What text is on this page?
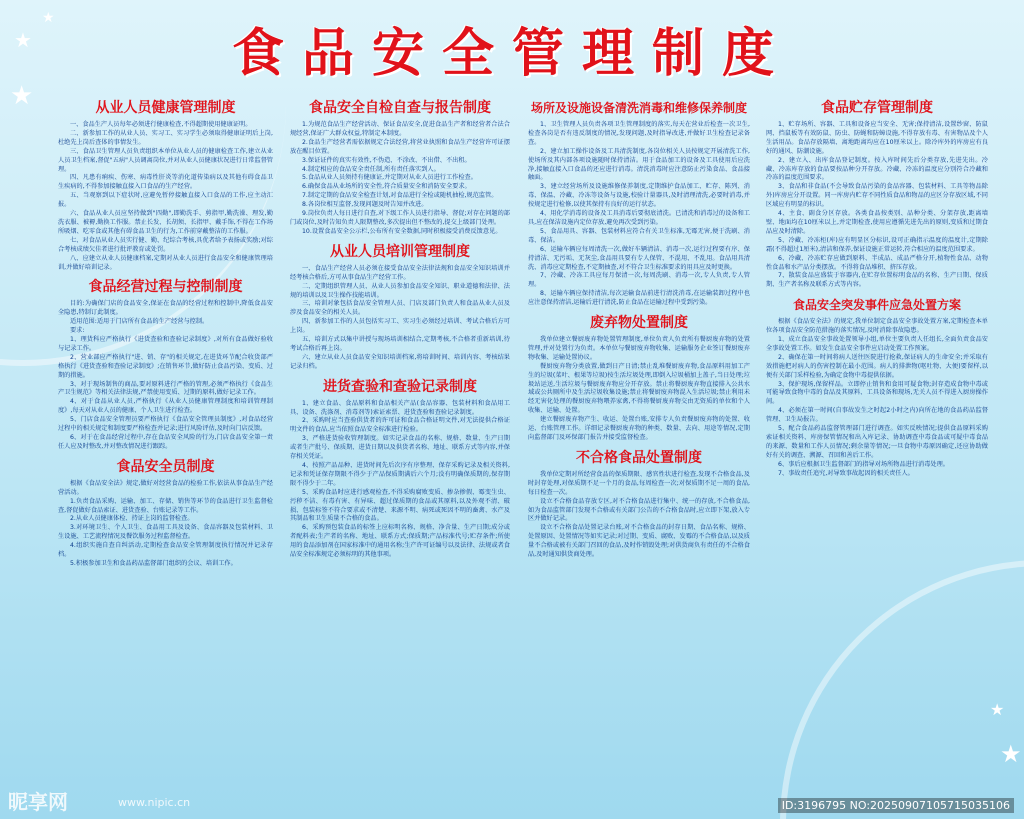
★
★
★
★
★
食品安全管理制度
从业人员健康管理制度
一、食品生产人员每年必须进行健康检查,不得超期使用健康证明。
二、新参加工作的从业人员、实习工、实习学生必须取得健康证明后上岗,杜绝先上岗后查体的事情发生。
三、食品卫生管理人员负责组织本单位从业人员的健康检查工作,建立从业人员卫生档案,督促"五病"人员调离岗位,并对从业人员健康状况进行日常监督管理。
四、凡患有痢疾、伤寒、病毒性肝炎等消化道传染病以及其他有碍食品卫生疾病的,不得参加接触直接入口食品的生产经营。
五、当观察到以下症状时,应避免暂停接触直接入口食品的工作,应主动汇报。
六、食品从业人员应坚持做到"四勤",即勤洗手、剪指甲,勤洗澡、理发,勤洗衣服、被褥,勤换工作服。禁止长发、长胡须、长指甲、戴手饰,不得在工作场所吸烟、吃零食或其他有碍食品卫生的行为,工作前穿戴整洁的工作服。
七、对食品从业人员实行健、勤、纪综合考核,具优者给予表扬或奖励;对综合考核成绩欠佳者进行批评教育或处罚。
八、应建立从业人员健康档案,定期对从业人员进行食品安全和健康管理培训,并做好培训记录。
食品经营过程与控制制度
目的:为确保门店的食品安全,保证在食品的经营过程和控制中,降低食品安全隐患,特制订此制度。
适用范围:适用于门店所有食品的生产经营与控制。
要求:
1、理货科应严格执行《进货查验和查验记录制度》,对所有食品做好验收与记录工作。
2、营业部应严格执行"进、销、存"的相关规定,在进货环节配合收货部严格执行《进货查验和查验记录制度》;在销售环节,做好防止食品污染、变质、过期的措施。
3、对于现场制售的商品,要对原料进行严格的管理,必须严格执行《食品生产卫生规范》等相关法律法规,严禁使用变质、过期的原料,做好记录工作。
4、对于食品从业人员,严格执行《从业人员健康管理制度和培训管理制度》,每天对从业人员的健康、个人卫生进行检查。
5、门店食品安全管理员要严格执行《食品安全管理员制度》,对食品经营过程中的相关规定和制度要严格检查并记录;进行风险评估,及时向门店反馈。
6、对于在食品经营过程中,存在食品安全风险的行为,门店食品安全第一责任人应及时整改,并对整改情况进行跟踪。
食品安全员制度
根据《食品安全法》规定,做好对经营食品的检验工作,依法从事食品生产经营活动。
1.负责食品采购、运输、加工、存储、销售等环节的食品进行卫生监督检查,督促做好食品索证、进货查验、台账记录等工作。
2.从业人员健康体检、持证上岗的监督检查。
3.对环境卫生、个人卫生、食品用工具及设备、食品容器及包装材料、卫生设施、工艺流程情况及餐饮服务过程监督检查。
4.组织实施自查自纠活动,定期检查食品安全管理制度执行情况并记录存档。
5.积极参加卫生和食品药品监督部门组织的会议、培训工作。
食品安全自检自查与报告制度
1.为规范食品生产经营活动、保证食品安全,促进食品生产者和经营者合法合规经营,保证广大群众权益,特制定本制度。
2.食品生产经营者需依据规定合法经营,将营业执照和食品生产经营许可证摆放在醒目位置。
3.保证证件的真实有效性,不伪造、不涂改、不出借、不出租。
4.制定相应的食品安全责任制,所有责任落实到人。
5.食品从业人员须持有健康证,并定期对从业人员进行工作检查。
6.确保食品从业场所的安全性,符合质量安全和消防安全要求。
7.制定定期的食品安全检查计划,对食品进行全检或随机抽检,规范监管。
8.各岗位相互监督,发现问题及时告知并改进。
9.岗位负责人每日进行自查,对下级工作人员进行指导、督促;对存在问题的部门或岗位,及时告知负责人限期整改,多次提出但不整改的,提交上级部门处理。
10.设置食品安全公示栏,公布所有安全数据,同时积极接受消费反馈意见。
从业人员培训管理制度
一、食品生产经营人员必须在接受食品安全法律法规和食品安全知识培训并经考核合格后,方可从事食品生产经营工作。
二、定期组织管理人员、从业人员参加食品安全知识、职业道德和法律、法规的培训以及卫生操作技能培训。
三、培训对象包括食品安全管理人员、门店及部门负责人和食品从业人员及涉及食品安全的相关人员。
四、新参加工作的人员包括实习工、实习生必须经过培训、考试合格后方可上岗。
五、培训方式以集中讲授与现场培训相结合,定期考核,不合格者重新培训,待考试合格后再上岗。
六、建立从业人员食品安全知识培训档案,将培训时间、培训内容、考核结果记录归档。
进货查验和查验记录制度
1、建立食品、食品原料和食品相关产品(食品容器、包装材料和食品用工具、设备、洗涤剂、消毒剂等)索证索票、进货查验和查验记录制度。
2、采购时应当查验供货者的许可证和食品合格证明文件,对无法提供合格证明文件的食品,应当依照食品安全标准进行检验。
3、严格进货验收管理制度。如实记录食品的名称、规格、数量、生产日期或者生产批号、保质期、进货日期以及供货者名称、地址、联系方式等内容,并保存相关凭证。
4、按照产品品种、进货时间先后次序有序整理、保存采购记录及相关资料,记录和凭证保存期限不得少于产品保质期满后六个月;没有明确保质期的,保存期限不得少于二年。
5、采购食品时应进行感观检查,不得采购腐败变质、掺杂掺假、霉变生虫、污秽不洁、有毒有害、有异味、超过保质期的食品或其原料,以及外观不清、破损、包装标签不符合要求或不清楚、来源不明、病死或死因不明的畜禽、水产及其制品和卫生质量不合格的食品。
6、采购预包装食品的标签上应标明名称、规格、净含量、生产日期;成分或者配料表;生产者的名称、地址、联系方式;保质期;产品标准代号;贮存条件;所使用的食品添加剂在国家标准中的通用名称;生产许可证编号以及法律、法规或者食品安全标准规定必须标明的其他事项。
场所及设施设备清洗消毒和维修保养制度
1、卫生管理人员负责各项卫生管理制度的落实,每天在营业后检查一次卫生,检查各岗是否有违反制度的情况,发现问题,及时指导改进,并做好卫生检查记录备查。
2、建立加工操作设备及工具清洗制度,各岗位相关人员按规定开展清洗工作,使场所及其内部各项设施随时保持清洁。用于食品加工的设备及工具使用后应洗净,接触直接入口食品的还应进行消毒。清洗消毒时应注意防止污染食品、食品接触面。
3、建立经营场所及设施维修保养制度,定期维护食品加工、贮存、陈列、消毒、保温、冷藏、冷冻等设备与设施,校验计量器具,及时清理清洗,必要时消毒,并按规定进行检修,以使其保持有良好的运行状态。
4、用化学消毒的设备及工具消毒后要彻底清洗。已清洗和消毒过的设备和工具,应在保洁设施内定位存放,避免再次受到污染。
5、食品用具、容器、包装材料应符合有关卫生标准,无霉无害,便于洗刷、消毒、保洁。
6、运输车辆应每周清洗一次,做好车辆清洁、消毒一次,运行过程要有序、保持清洁、无污垢、无灰尘,食品用具要有专人保管、不混用、不乱用。食品用具清洗、消毒应定期检查,不定期抽查,对不符合卫生标准要求的用具应及时更换。
7、冷藏、冷冻工具应每月保清一次,每周洗刷、消毒一次,专人负责,专人管理。
8、运输车辆应保持清洁,每次运输食品前进行清洗消毒,在运输装卸过程中也应注意保持清洁,运输后进行清洗,防止食品在运输过程中受到污染。
废弃物处置制度
我单位建立餐厨废弃物处置管理制度,单位负责人负责所有餐厨废弃物的处置管理,并对处置行为负责。本单位与餐厨废弃物收集、运输服务企业签订餐厨废弃物收集、运输处置协议。
餐厨废弃物分类放置,做到日产日清;禁止乱堆餐厨废弃物,食品原料用加工产生的垃圾(菜叶、根果等垃圾)按生活垃圾处理,即倒入垃圾桶加上盖子,当日处理;垃圾站运送,生活垃圾与餐厨废弃物应分开存放。禁止将餐厨废弃物直接排入公共水域或公共厕所中及生活垃圾收集设施;禁止将餐厨废弃物混入生活垃圾;禁止利用未经无害化处理的餐厨废弃物喂养家禽,不得将餐厨废弃物交由无资质的单位和个人收集、运输、处置。
建立餐厨废弃物产生、收运、处置台账,安排专人负责餐厨废弃物的处置、收运、台账管理工作。详细记录餐厨废弃物的种类、数量、去向、用途等情况,定期向监督部门及环保部门报告并接受监督检查。
不合格食品处置制度
我单位定期对所经营食品的保质期限、感官性状进行检查,发现不合格食品,及时封存处理,对保质期不足一个月的食品,每周检查一次;对保质期不足一周的食品,每日检查一次。
设立不合格食品存放专区,对不合格食品进行集中、统一的存放,不合格食品,如为食品监管部门发现不合格或有关部门公告的不合格食品时,应立即下架,放入专区并做好记录。
设立不合格食品处置记录台账,对不合格食品的封存日期、食品名称、规格、处置原因、处置情况等如实记录;对过期、变质、腐败、发霉的不合格食品,以及质量不合格或被有关部门召回的食品,及时作销毁处理;对供货商负有责任的不合格食品,及时通知供货商处理。
食品贮存管理制度
1、贮存场所、容器、工具和设备应当安全、无害;保持清洁,设置纱窗、防鼠网、挡鼠板等有效防鼠、防虫、防蝇和防蟑设施,不得存放有毒、有害物品及个人生活用品。食品存放隔墙、离地距离均应在10厘米以上。除冷库外的库房应有良好的通风、防潮设施。
2、建立入、出库食品登记制度。按入库时间先后分类存放,先进先出。冷藏、冷冻库存放的食品要按品种分开存放。冷藏、冷冻的温度应分别符合冷藏和冷冻的温度范围要求。
3、食品和非食品(不会导致食品污染的食品容器、包装材料、工具等物品除外)库房应分开设置。同一库房内贮存不同性质食品和物品的应区分存放区域,不同区域应有明显的标识。
4、主食、副食分区存放。各类食品按类别、品种分类、分架存放,距离墙壁、地面均在10厘米以上,并定期检查,使用应遵循先进先出的原则,变质和过期食品应及时清除。
5、冷藏、冷冻柜(库)应有明显区分标识,设可正确指示温度的温度计,定期除霜(不得超过1厘米),清洁和保养,保证设施正常运转,符合相应的温度范围要求。
6、冷藏、冷冻贮存应做到原料、半成品、成品严格分开,植物性食品、动物性食品和水产品分类摆放。不得将食品堆积、挤压存放。
7、散装食品应盛装于容器内,在贮存位置标明食品的名称、生产日期、保质期、生产者名称及联系方式等内容。
食品安全突发事件应急处置方案
根据《食品安全法》的规定,我单位制定食品安全事故处置方案,定期检查本单位各项食品安全防范措施的落实情况,及时消除事故隐患。
1、成立食品安全事故处置领导小组,单位主要负责人任组长,全面负责食品安全事故处置工作。如发生食品安全事件应启动处置工作预案。
2、确保在第一时间将病人送往医院进行抢救,保证病人的生命安全;并采取有效措施把对病人的伤害控制在最小范围。病人的排泄物(呕吐物、大便)要留样,以便有关部门采样检验,为确定食物中毒提供依据。
3、保护现场,保留样品。立即停止销售和食用可疑食物;封存造成食物中毒或可能导致食物中毒的食品及其原料、工具设备和现场,无关人员不得进入厨房操作间。
4、必须在第一时间(自事故发生之时起2小时之内)向所在地的食品药品监督管理、卫生局报告。
5、配合食品药品监督管理部门进行调查。如实反映情况;提供食品原料采购索证相关资料、库房保管情况和出入库记录、协助调查中毒食品或可疑中毒食品的来源、数量和工作人员情况;剩余量等情况;一旦食物中毒原因确定,还应协助做好有关的调查、溯源、召回和善后工作。
6、事后应根据卫生监督部门的指导对场所物品进行消毒处理。
7、事故责任追究,对导致事故起因的相关责任人。
昵享网	www.nipic.cn	ID:3196795 NO:20250907105715035106
